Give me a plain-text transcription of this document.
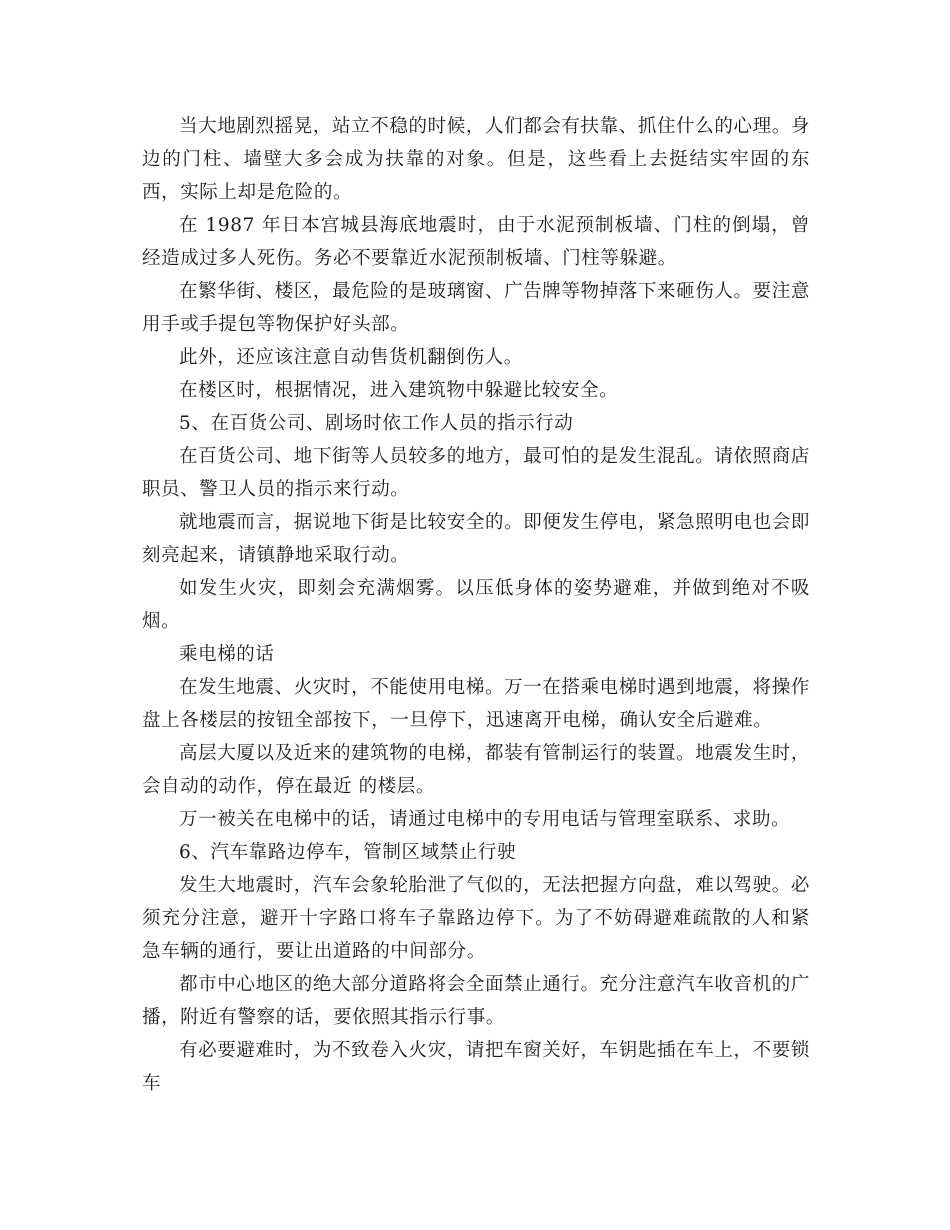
当大地剧烈摇晃，站立不稳的时候，人们都会有扶靠、抓住什么的心理。身边的门柱、墙壁大多会成为扶靠的对象。但是，这些看上去挺结实牢固的东西，实际上却是危险的。

在 1987 年日本宫城县海底地震时，由于水泥预制板墙、门柱的倒塌，曾经造成过多人死伤。务必不要靠近水泥预制板墙、门柱等躲避。

在繁华街、楼区，最危险的是玻璃窗、广告牌等物掉落下来砸伤人。要注意用手或手提包等物保护好头部。

此外，还应该注意自动售货机翻倒伤人。

在楼区时，根据情况，进入建筑物中躲避比较安全。

5、在百货公司、剧场时依工作人员的指示行动

在百货公司、地下街等人员较多的地方，最可怕的是发生混乱。请依照商店职员、警卫人员的指示来行动。

就地震而言，据说地下街是比较安全的。即便发生停电，紧急照明电也会即刻亮起来，请镇静地采取行动。

如发生火灾，即刻会充满烟雾。以压低身体的姿势避难，并做到绝对不吸烟。

乘电梯的话

在发生地震、火灾时，不能使用电梯。万一在搭乘电梯时遇到地震，将操作盘上各楼层的按钮全部按下，一旦停下，迅速离开电梯，确认安全后避难。

高层大厦以及近来的建筑物的电梯，都装有管制运行的装置。地震发生时，会自动的动作，停在最近 的楼层。

万一被关在电梯中的话，请通过电梯中的专用电话与管理室联系、求助。

6、汽车靠路边停车，管制区域禁止行驶

发生大地震时，汽车会象轮胎泄了气似的，无法把握方向盘，难以驾驶。必须充分注意，避开十字路口将车子靠路边停下。为了不妨碍避难疏散的人和紧急车辆的通行，要让出道路的中间部分。

都市中心地区的绝大部分道路将会全面禁止通行。充分注意汽车收音机的广播，附近有警察的话，要依照其指示行事。

有必要避难时，为不致卷入火灾，请把车窗关好，车钥匙插在车上，不要锁车
